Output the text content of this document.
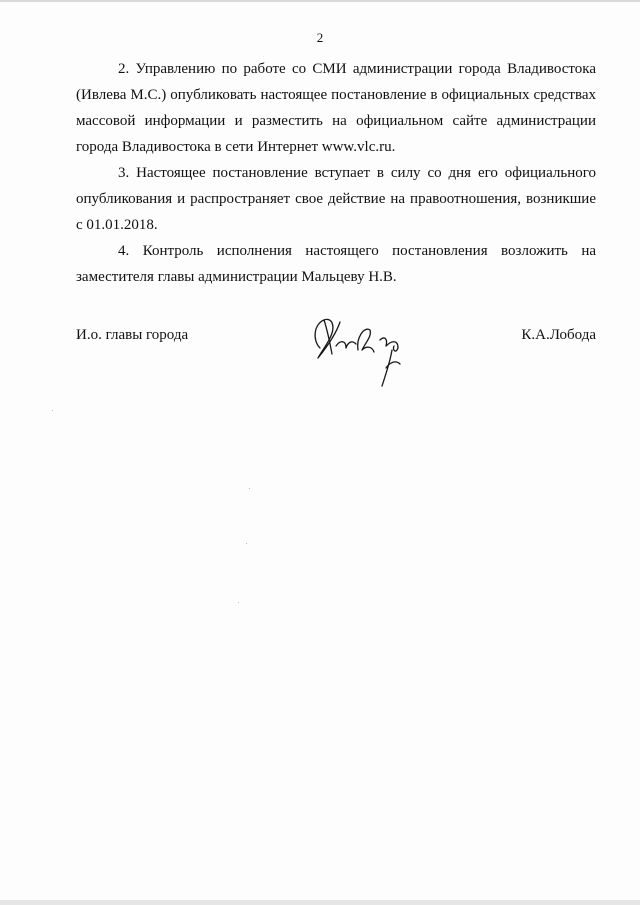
2

2. Управлению по работе со СМИ администрации города Владивостока (Ивлева М.С.) опубликовать настоящее постановление в официальных средствах массовой информации и разместить на официальном сайте администрации города Владивостока в сети Интернет www.vlc.ru.

3. Настоящее постановление вступает в силу со дня его официального опубликования и распространяет свое действие на правоотношения, возникшие с 01.01.2018.

4. Контроль исполнения настоящего постановления возложить на заместителя главы администрации Мальцеву Н.В.

И.о. главы города	К.А.Лобода
